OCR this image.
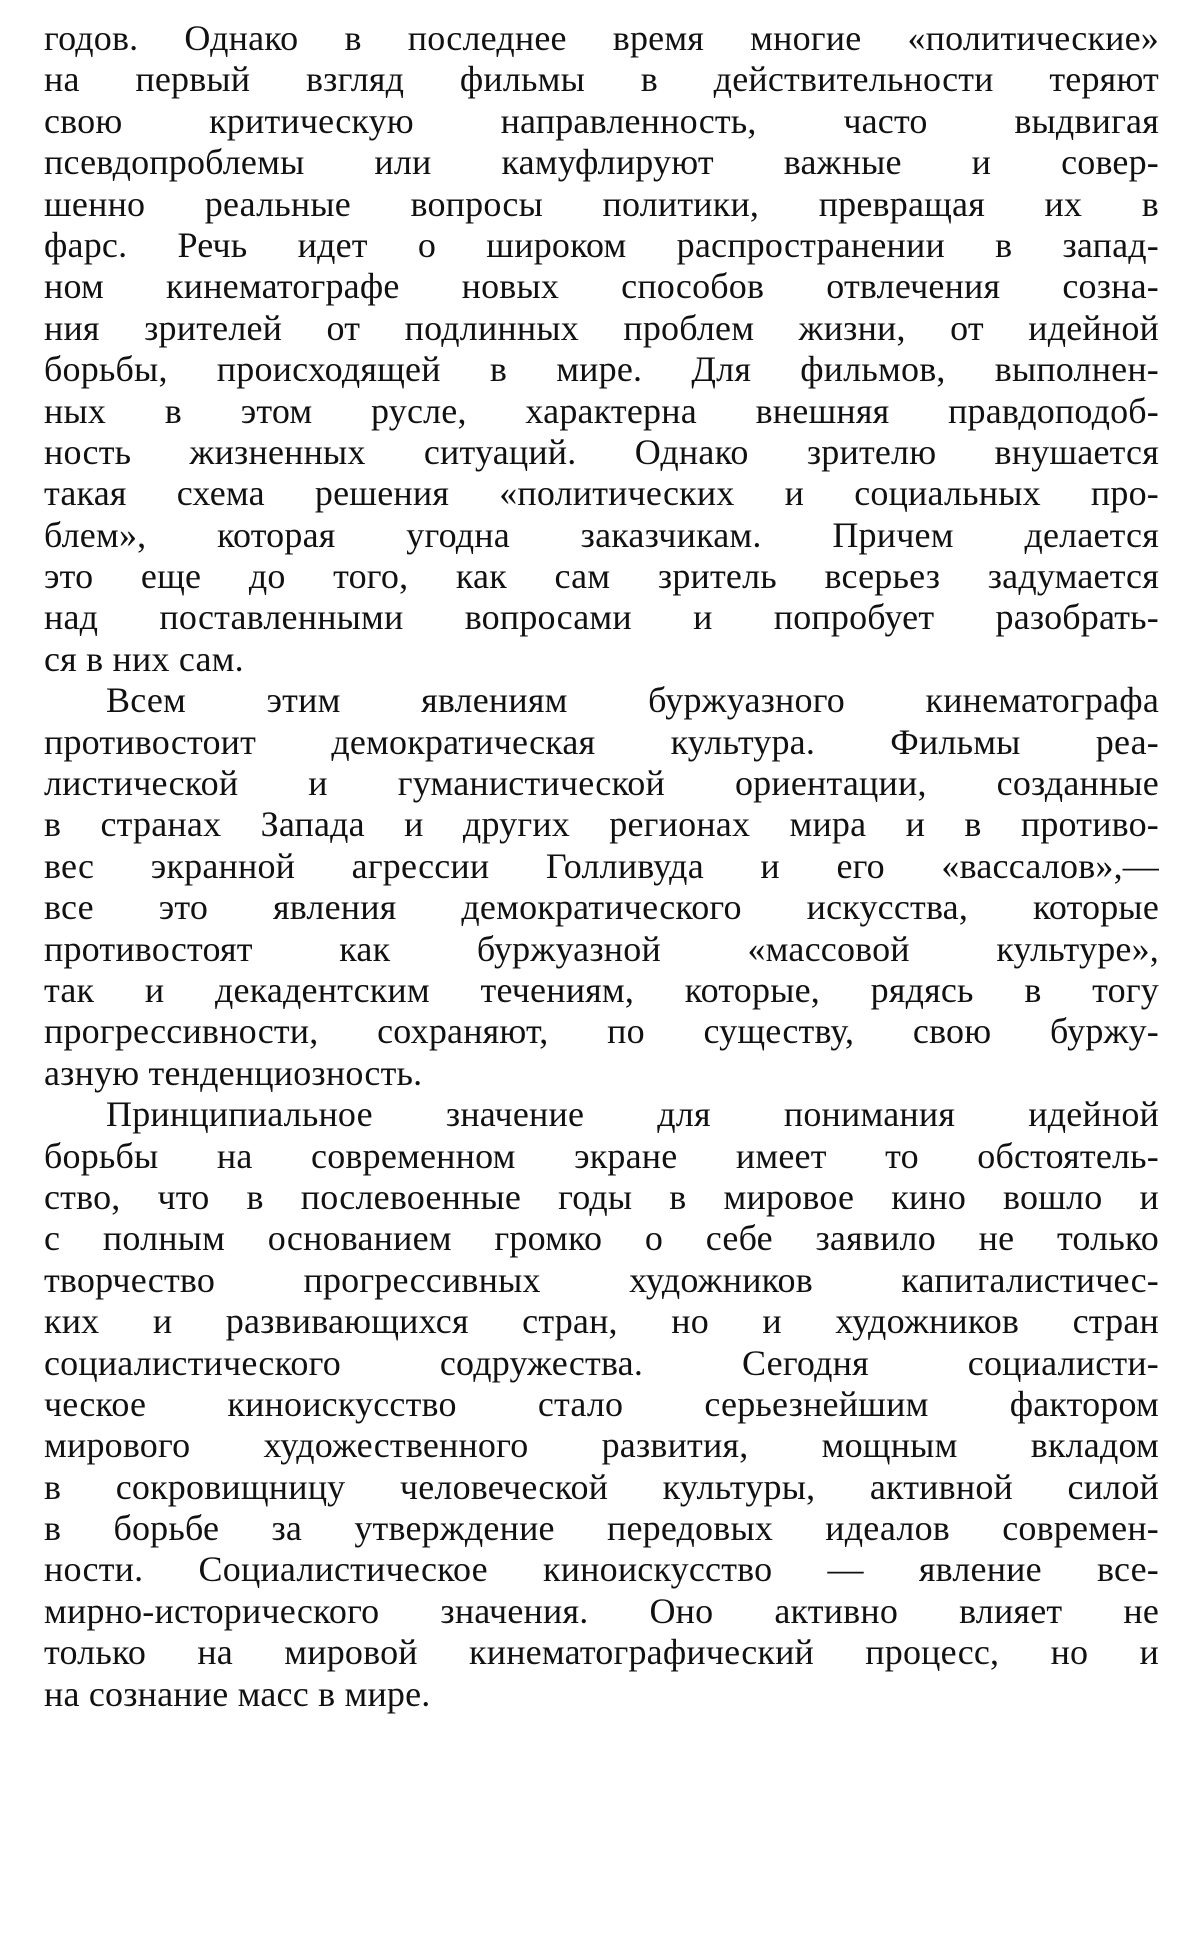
годов. Однако в последнее время многие «политические»
на первый взгляд фильмы в действительности теряют
свою критическую направленность, часто выдвигая
псевдопроблемы или камуфлируют важные и совер-
шенно реальные вопросы политики, превращая их в
фарс. Речь идет о широком распространении в запад-
ном кинематографе новых способов отвлечения созна-
ния зрителей от подлинных проблем жизни, от идейной
борьбы, происходящей в мире. Для фильмов, выполнен-
ных в этом русле, характерна внешняя правдоподоб-
ность жизненных ситуаций. Однако зрителю внушается
такая схема решения «политических и социальных про-
блем», которая угодна заказчикам. Причем делается
это еще до того, как сам зритель всерьез задумается
над поставленными вопросами и попробует разобрать-
ся в них сам.
Всем этим явлениям буржуазного кинематографа
противостоит демократическая культура. Фильмы реа-
листической и гуманистической ориентации, созданные
в странах Запада и других регионах мира и в противо-
вес экранной агрессии Голливуда и его «вассалов»,—
все это явления демократического искусства, которые
противостоят как буржуазной «массовой культуре»,
так и декадентским течениям, которые, рядясь в тогу
прогрессивности, сохраняют, по существу, свою буржу-
азную тенденциозность.
Принципиальное значение для понимания идейной
борьбы на современном экране имеет то обстоятель-
ство, что в послевоенные годы в мировое кино вошло и
с полным основанием громко о себе заявило не только
творчество прогрессивных художников капиталистичес-
ких и развивающихся стран, но и художников стран
социалистического содружества. Сегодня социалисти-
ческое киноискусство стало серьезнейшим фактором
мирового художественного развития, мощным вкладом
в сокровищницу человеческой культуры, активной силой
в борьбе за утверждение передовых идеалов современ-
ности. Социалистическое киноискусство — явление все-
мирно-исторического значения. Оно активно влияет не
только на мировой кинематографический процесс, но и
на сознание масс в мире.
